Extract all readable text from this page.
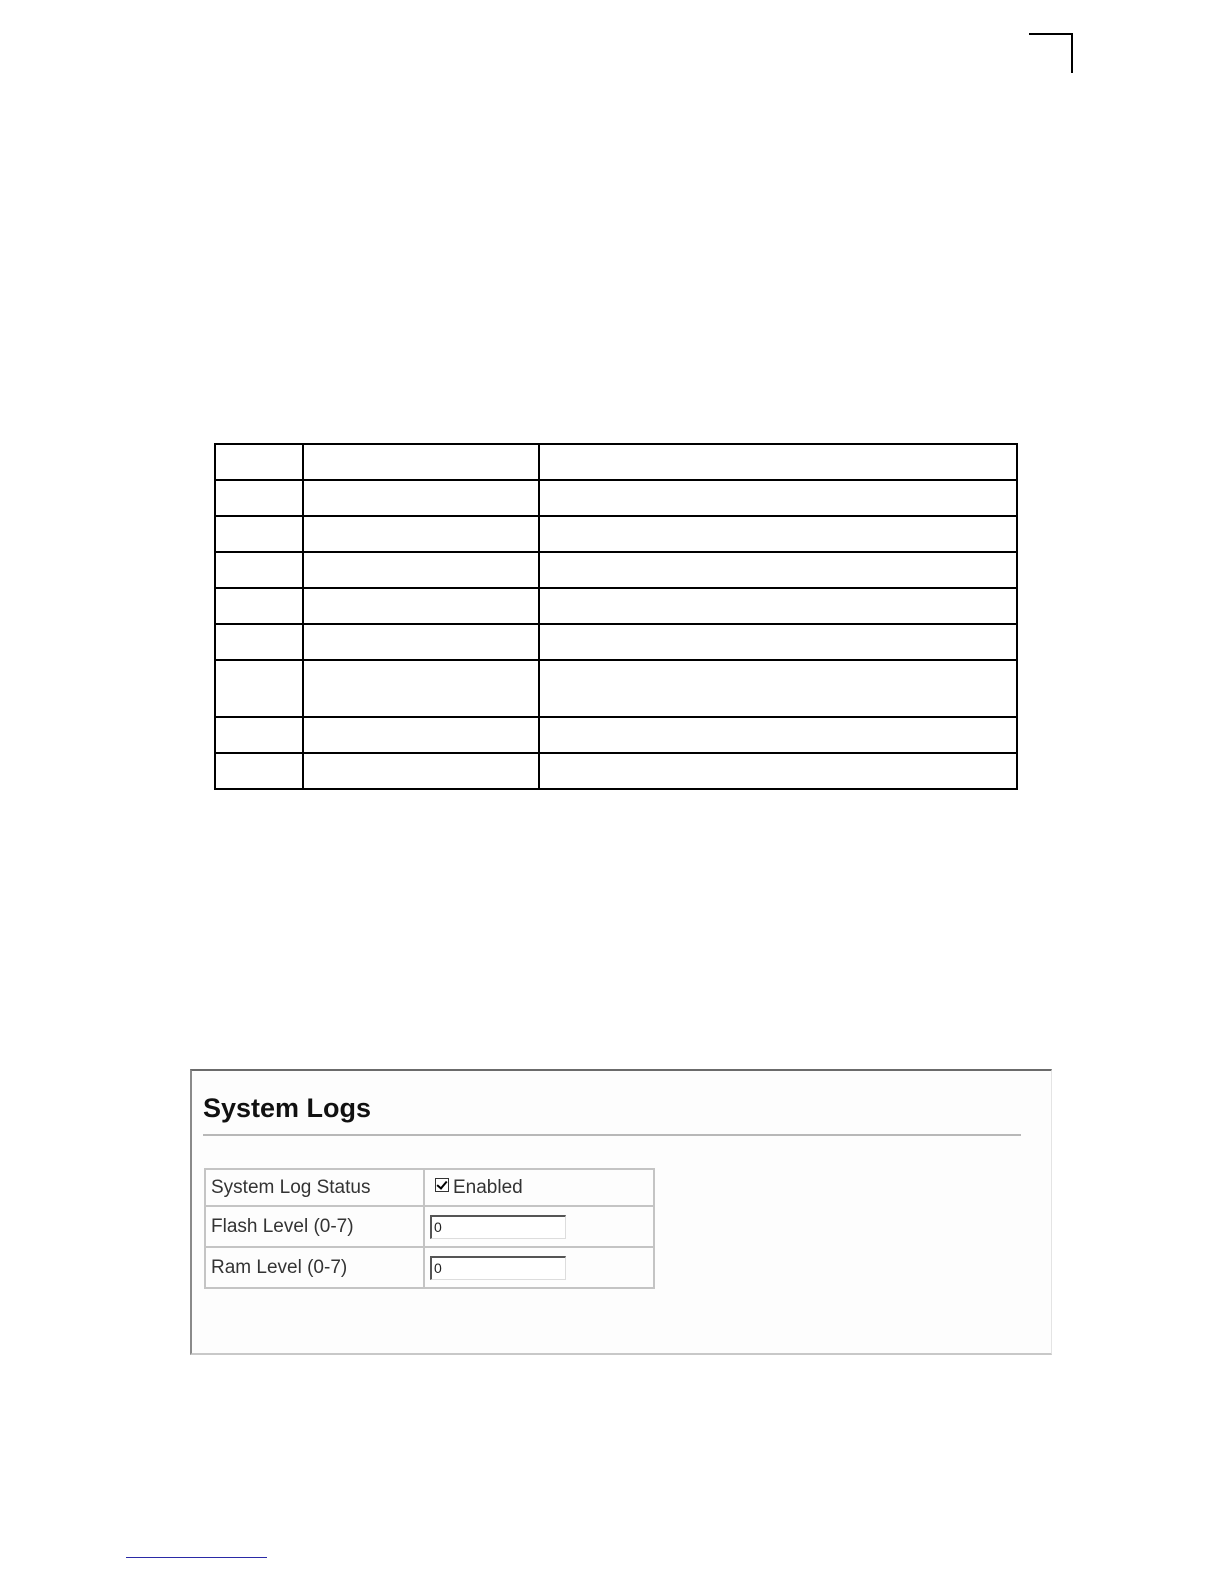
System Logs
System Log Status	Enabled
Flash Level (0-7)	0
Ram Level (0-7)	0
